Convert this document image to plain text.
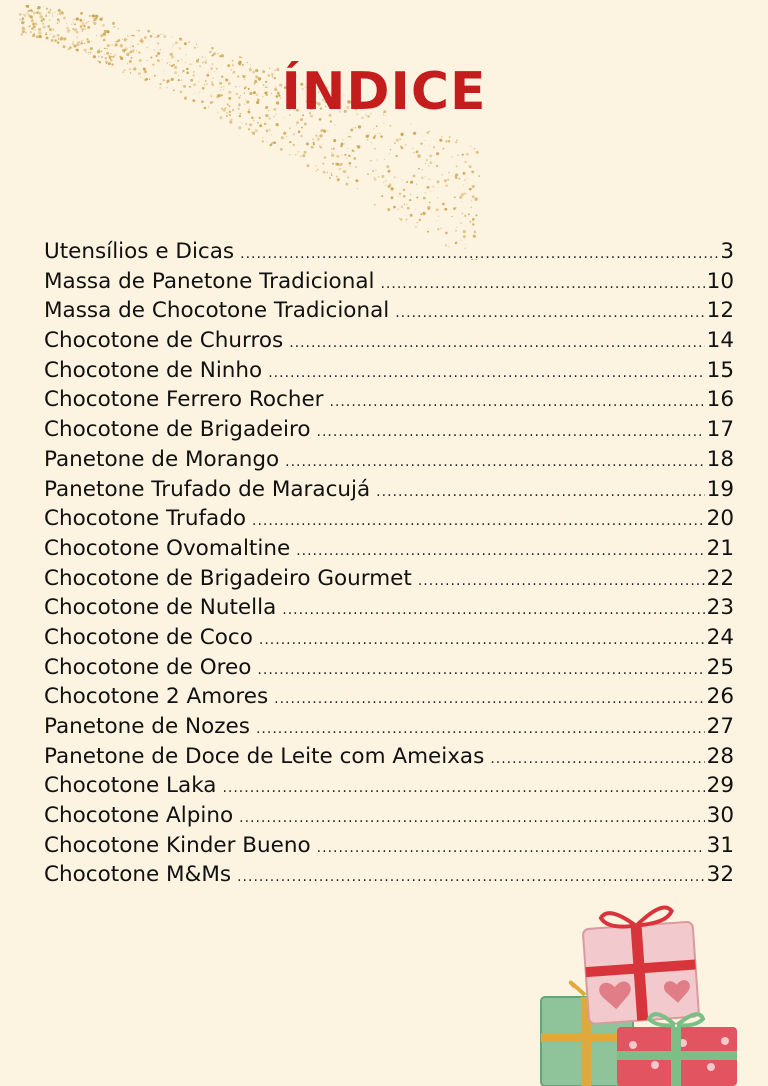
ÍNDICE
Utensílios e Dicas .....	3
Massa de Panetone Tradicional .....	10
Massa de Chocotone Tradicional .....	12
Chocotone de Churros .....	14
Chocotone de Ninho .....	15
Chocotone Ferrero Rocher .....	16
Chocotone de Brigadeiro .....	17
Panetone de Morango .....	18
Panetone Trufado de Maracujá .....	19
Chocotone Trufado .....	20
Chocotone Ovomaltine .....	21
Chocotone de Brigadeiro Gourmet .....	22
Chocotone de Nutella .....	23
Chocotone de Coco .....	24
Chocotone de Oreo .....	25
Chocotone 2 Amores .....	26
Panetone de Nozes .....	27
Panetone de Doce de Leite com Ameixas .....	28
Chocotone Laka .....	29
Chocotone Alpino .....	30
Chocotone Kinder Bueno .....	31
Chocotone M&Ms .....	32
